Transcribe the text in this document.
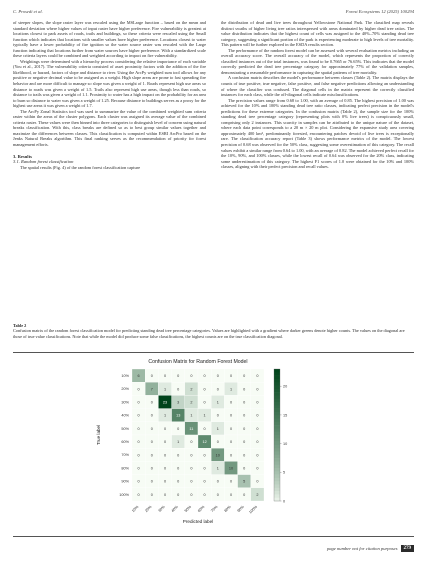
C. Prosedi et al.	Forest Ecosystems 12 (2025) 100294

of steeper slopes, the slope raster layer was rescaled using the MSLarge function – based on the mean and standard deviation where higher values of input raster have higher preference. Fire vulnerability is greatest at locations closest to park assets of roads, trails and buildings, so these criteria were rescaled using the Small function which indicates that locations with smaller values have higher preference. Locations closest to water typically have a lower probability of fire ignition so the water source raster was rescaled with the Large function indicating that locations further from water sources have higher preference. With a standardized scale these criteria layers could be combined and weighted according to impact on fire vulnerability.

Weightings were determined with a hierarchy process considering the relative importance of each variable (You et al., 2017). The vulnerability criteria consisted of asset proximity factors with the addition of the fire likelihood, or hazard, factors of slope and distance to river. Using the ArcPy weighted sum tool allows for any positive or negative decimal value to be assigned as a weight. High slope areas are prone to fast spreading fire behavior and are more difficult to manage so slope was given a weight of 1. Roads represent high use areas so distance to roads was given a weight of 1.5. Trails also represent high use areas, though less than roads, so distance to trails was given a weight of 1.1. Proximity to water has a high impact on the probability for an area to burn so distance to water was given a weight of 1.25. Because distance to buildings serves as a proxy for the highest use areas it was given a weight of 1.7.

The ArcPy Zonal Statistics tool was used to summarize the value of the combined weighted sum criteria raster within the areas of the cluster polygons. Each cluster was assigned its average value of the combined criteria raster. These values were then binned into three categories to distinguish level of concern using natural breaks classification. With this, class breaks are defined so as to best group similar values together and maximize the differences between classes. This classification is computed within ESRI ArcPro based on the Jenks Natural Breaks algorithm. This final ranking serves as the recommendation of priority for forest management efforts.

3. Results

3.1. Random forest classification

The spatial results (Fig. 4) of the random forest classification capture

the distribution of dead and live trees throughout Yellowstone National Park. The classified map reveals distinct swaths of higher living tree ratios interspersed with areas dominated by higher dead tree ratios. The value distribution indicates that the highest count of cells was assigned to the 40%–70% standing dead tree category, suggesting a significant portion of the park is experiencing moderate to high levels of tree mortality. This pattern will be further explored in the ESDA results section.

The performance of the random forest model can be assessed with several evaluation metrics including an overall accuracy score. The overall accuracy of the model, which represents the proportion of correctly classified instances out of the total instances, was found to be 0.7665 or 76.65%. This indicates that the model correctly predicted the dead tree percentage category for approximately 77% of the validation samples, demonstrating a reasonable performance in capturing the spatial patterns of tree mortality.

A confusion matrix describes the model's performance between classes (Table 2). The matrix displays the counts of true positive, true negative, false positive, and false negative predictions allowing an understanding of where the classifier was confused. The diagonal cells in the matrix represent the correctly classified instances for each class, while the off-diagonal cells indicate misclassifications.

The precision values range from 0.68 to 1.00, with an average of 0.85. The highest precision of 1.00 was achieved for the 10% and 100% standing dead tree ratio classes, indicating perfect precision in the model's predictions for these extreme categories. In the confusion matrix (Table 2), the sample size for the 100% standing dead tree percentage category (representing plots with 0% live trees) is conspicuously small, comprising only 2 instances. This scarcity in samples can be attributed to the unique nature of the dataset, where each data point corresponds to a 20 m × 20 m plot. Considering the expansive study area covering approximately 400 km², predominantly forested, encountering patches devoid of live trees is exceptionally rare. The classification accuracy report (Table 3) shows performance metrics of the model. The lowest precision of 0.68 was observed for the 50% class, suggesting some overestimation of this category. The recall values exhibit a similar range from 0.64 to 1.00, with an average of 0.82. The model achieved perfect recall for the 10%, 90%, and 100% classes, while the lowest recall of 0.64 was observed for the 20% class, indicating some underestimation of this category. The highest F1 scores of 1.0 were obtained for the 10% and 100% classes, aligning with their perfect precision and recall values.

Table 2
Confusion matrix of the random forest classification model for predicting standing dead tree percentage categories. Values are highlighted with a gradient where darker greens denote higher counts. The values on the diagonal are those of true value classifications. Note that while the model did produce some false classifications, the highest counts are on the true classification diagonal.
Confusion Matrix for Random Forest Model
6	0	0	0	0	0	0	0	0	0
0	7	1	0	2	0	0	1	0	0
0	0	23	3	2	0	1	0	0	0
0	0	1	13	1	1	0	0	0	0
0	0	0	0	11	0	1	0	0	0
0	0	0	1	0	12	0	0	0	0
0	0	0	0	0	0	10	0	0	0
0	0	0	0	0	0	1	10	0	0
0	0	0	0	0	0	0	0	5	0
0	0	0	0	0	0	0	0	0	2
10%
20%
30%
40%
50%
60%
70%
80%
90%
100%
10% 20% 30% 40% 50% 60% 70% 80% 90% 100%
True label
Predicted label
0
5
10
15
20
page number not for citation purposes	279
